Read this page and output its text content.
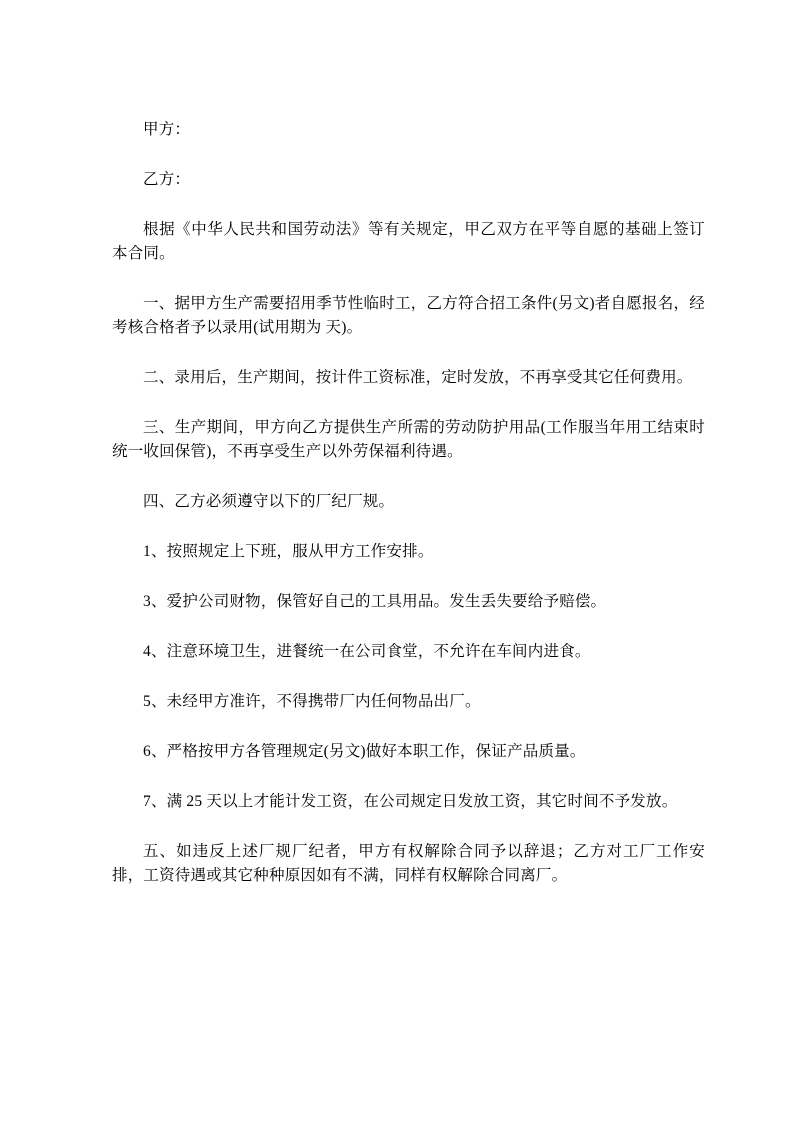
甲方：

乙方：

根据《中华人民共和国劳动法》等有关规定，甲乙双方在平等自愿的基础上签订本合同。

一、据甲方生产需要招用季节性临时工，乙方符合招工条件(另文)者自愿报名，经考核合格者予以录用(试用期为 天)。

二、录用后，生产期间，按计件工资标准，定时发放，不再享受其它任何费用。

三、生产期间，甲方向乙方提供生产所需的劳动防护用品(工作服当年用工结束时统一收回保管)，不再享受生产以外劳保福利待遇。

四、乙方必须遵守以下的厂纪厂规。

1、按照规定上下班，服从甲方工作安排。

3、爱护公司财物，保管好自己的工具用品。发生丢失要给予赔偿。

4、注意环境卫生，进餐统一在公司食堂，不允许在车间内进食。

5、未经甲方准许，不得携带厂内任何物品出厂。

6、严格按甲方各管理规定(另文)做好本职工作，保证产品质量。

7、满 25 天以上才能计发工资，在公司规定日发放工资，其它时间不予发放。

五、如违反上述厂规厂纪者，甲方有权解除合同予以辞退；乙方对工厂工作安排，工资待遇或其它种种原因如有不满，同样有权解除合同离厂。
